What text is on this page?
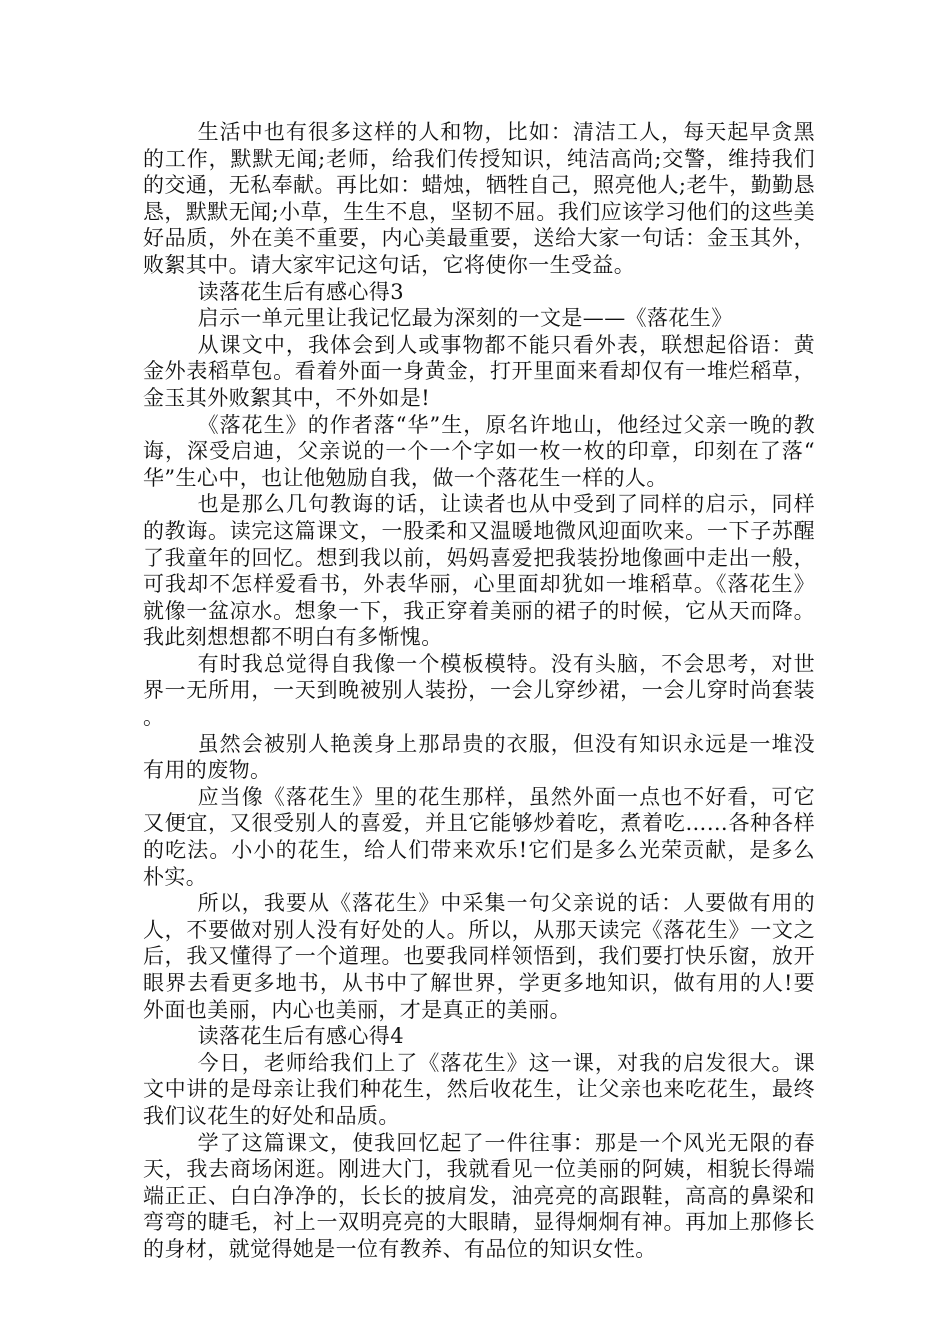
生活中也有很多这样的人和物，比如：清洁工人，每天起早贪黑的工作，默默无闻;老师，给我们传授知识，纯洁高尚;交警，维持我们的交通，无私奉献。再比如：蜡烛，牺牲自己，照亮他人;老牛，勤勤恳恳，默默无闻;小草，生生不息，坚韧不屈。我们应该学习他们的这些美好品质，外在美不重要，内心美最重要，送给大家一句话：金玉其外，败絮其中。请大家牢记这句话，它将使你一生受益。

读落花生后有感心得3

启示一单元里让我记忆最为深刻的一文是——《落花生》

从课文中，我体会到人或事物都不能只看外表，联想起俗语：黄金外表稻草包。看着外面一身黄金，打开里面来看却仅有一堆烂稻草，金玉其外败絮其中，不外如是!

《落花生》的作者落“华”生，原名许地山，他经过父亲一晚的教诲，深受启迪，父亲说的一个一个字如一枚一枚的印章，印刻在了落“华”生心中，也让他勉励自我，做一个落花生一样的人。

也是那么几句教诲的话，让读者也从中受到了同样的启示，同样的教诲。读完这篇课文，一股柔和又温暖地微风迎面吹来。一下子苏醒了我童年的回忆。想到我以前，妈妈喜爱把我装扮地像画中走出一般，可我却不怎样爱看书，外表华丽，心里面却犹如一堆稻草。《落花生》就像一盆凉水。想象一下，我正穿着美丽的裙子的时候，它从天而降。我此刻想想都不明白有多惭愧。

有时我总觉得自我像一个模板模特。没有头脑，不会思考，对世界一无所用，一天到晚被别人装扮，一会儿穿纱裙，一会儿穿时尚套装。

虽然会被别人艳羡身上那昂贵的衣服，但没有知识永远是一堆没有用的废物。

应当像《落花生》里的花生那样，虽然外面一点也不好看，可它又便宜，又很受别人的喜爱，并且它能够炒着吃，煮着吃……各种各样的吃法。小小的花生，给人们带来欢乐!它们是多么光荣贡献，是多么朴实。

所以，我要从《落花生》中采集一句父亲说的话：人要做有用的人，不要做对别人没有好处的人。所以，从那天读完《落花生》一文之后，我又懂得了一个道理。也要我同样领悟到，我们要打快乐窗，放开眼界去看更多地书，从书中了解世界，学更多地知识，做有用的人!要外面也美丽，内心也美丽，才是真正的美丽。

读落花生后有感心得4

今日，老师给我们上了《落花生》这一课，对我的启发很大。课文中讲的是母亲让我们种花生，然后收花生，让父亲也来吃花生，最终我们议花生的好处和品质。

学了这篇课文，使我回忆起了一件往事：那是一个风光无限的春天，我去商场闲逛。刚进大门，我就看见一位美丽的阿姨，相貌长得端端正正、白白净净的，长长的披肩发，油亮亮的高跟鞋，高高的鼻梁和弯弯的睫毛，衬上一双明亮亮的大眼睛，显得炯炯有神。再加上那修长的身材，就觉得她是一位有教养、有品位的知识女性。
